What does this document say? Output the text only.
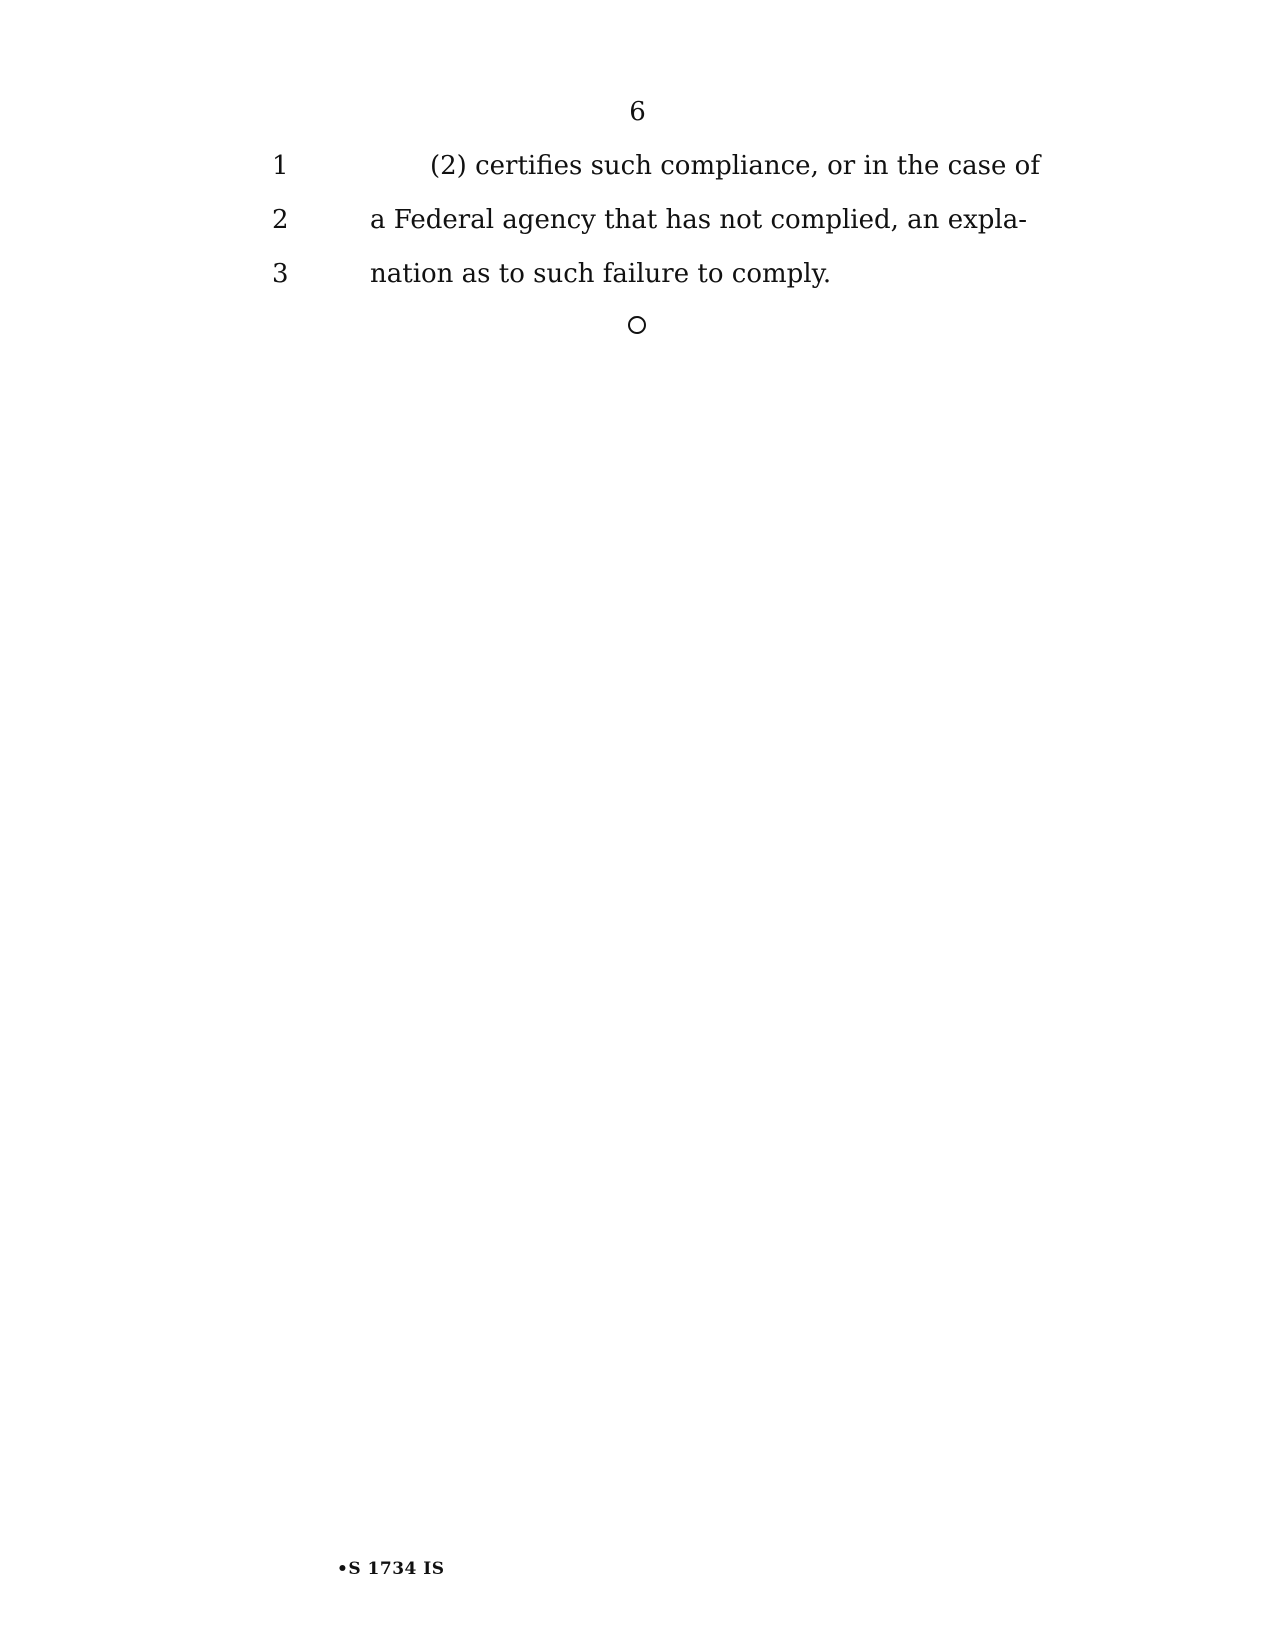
6
1	(2) certifies such compliance, or in the case of
2	a Federal agency that has not complied, an expla-
3	nation as to such failure to comply.
•S 1734 IS
